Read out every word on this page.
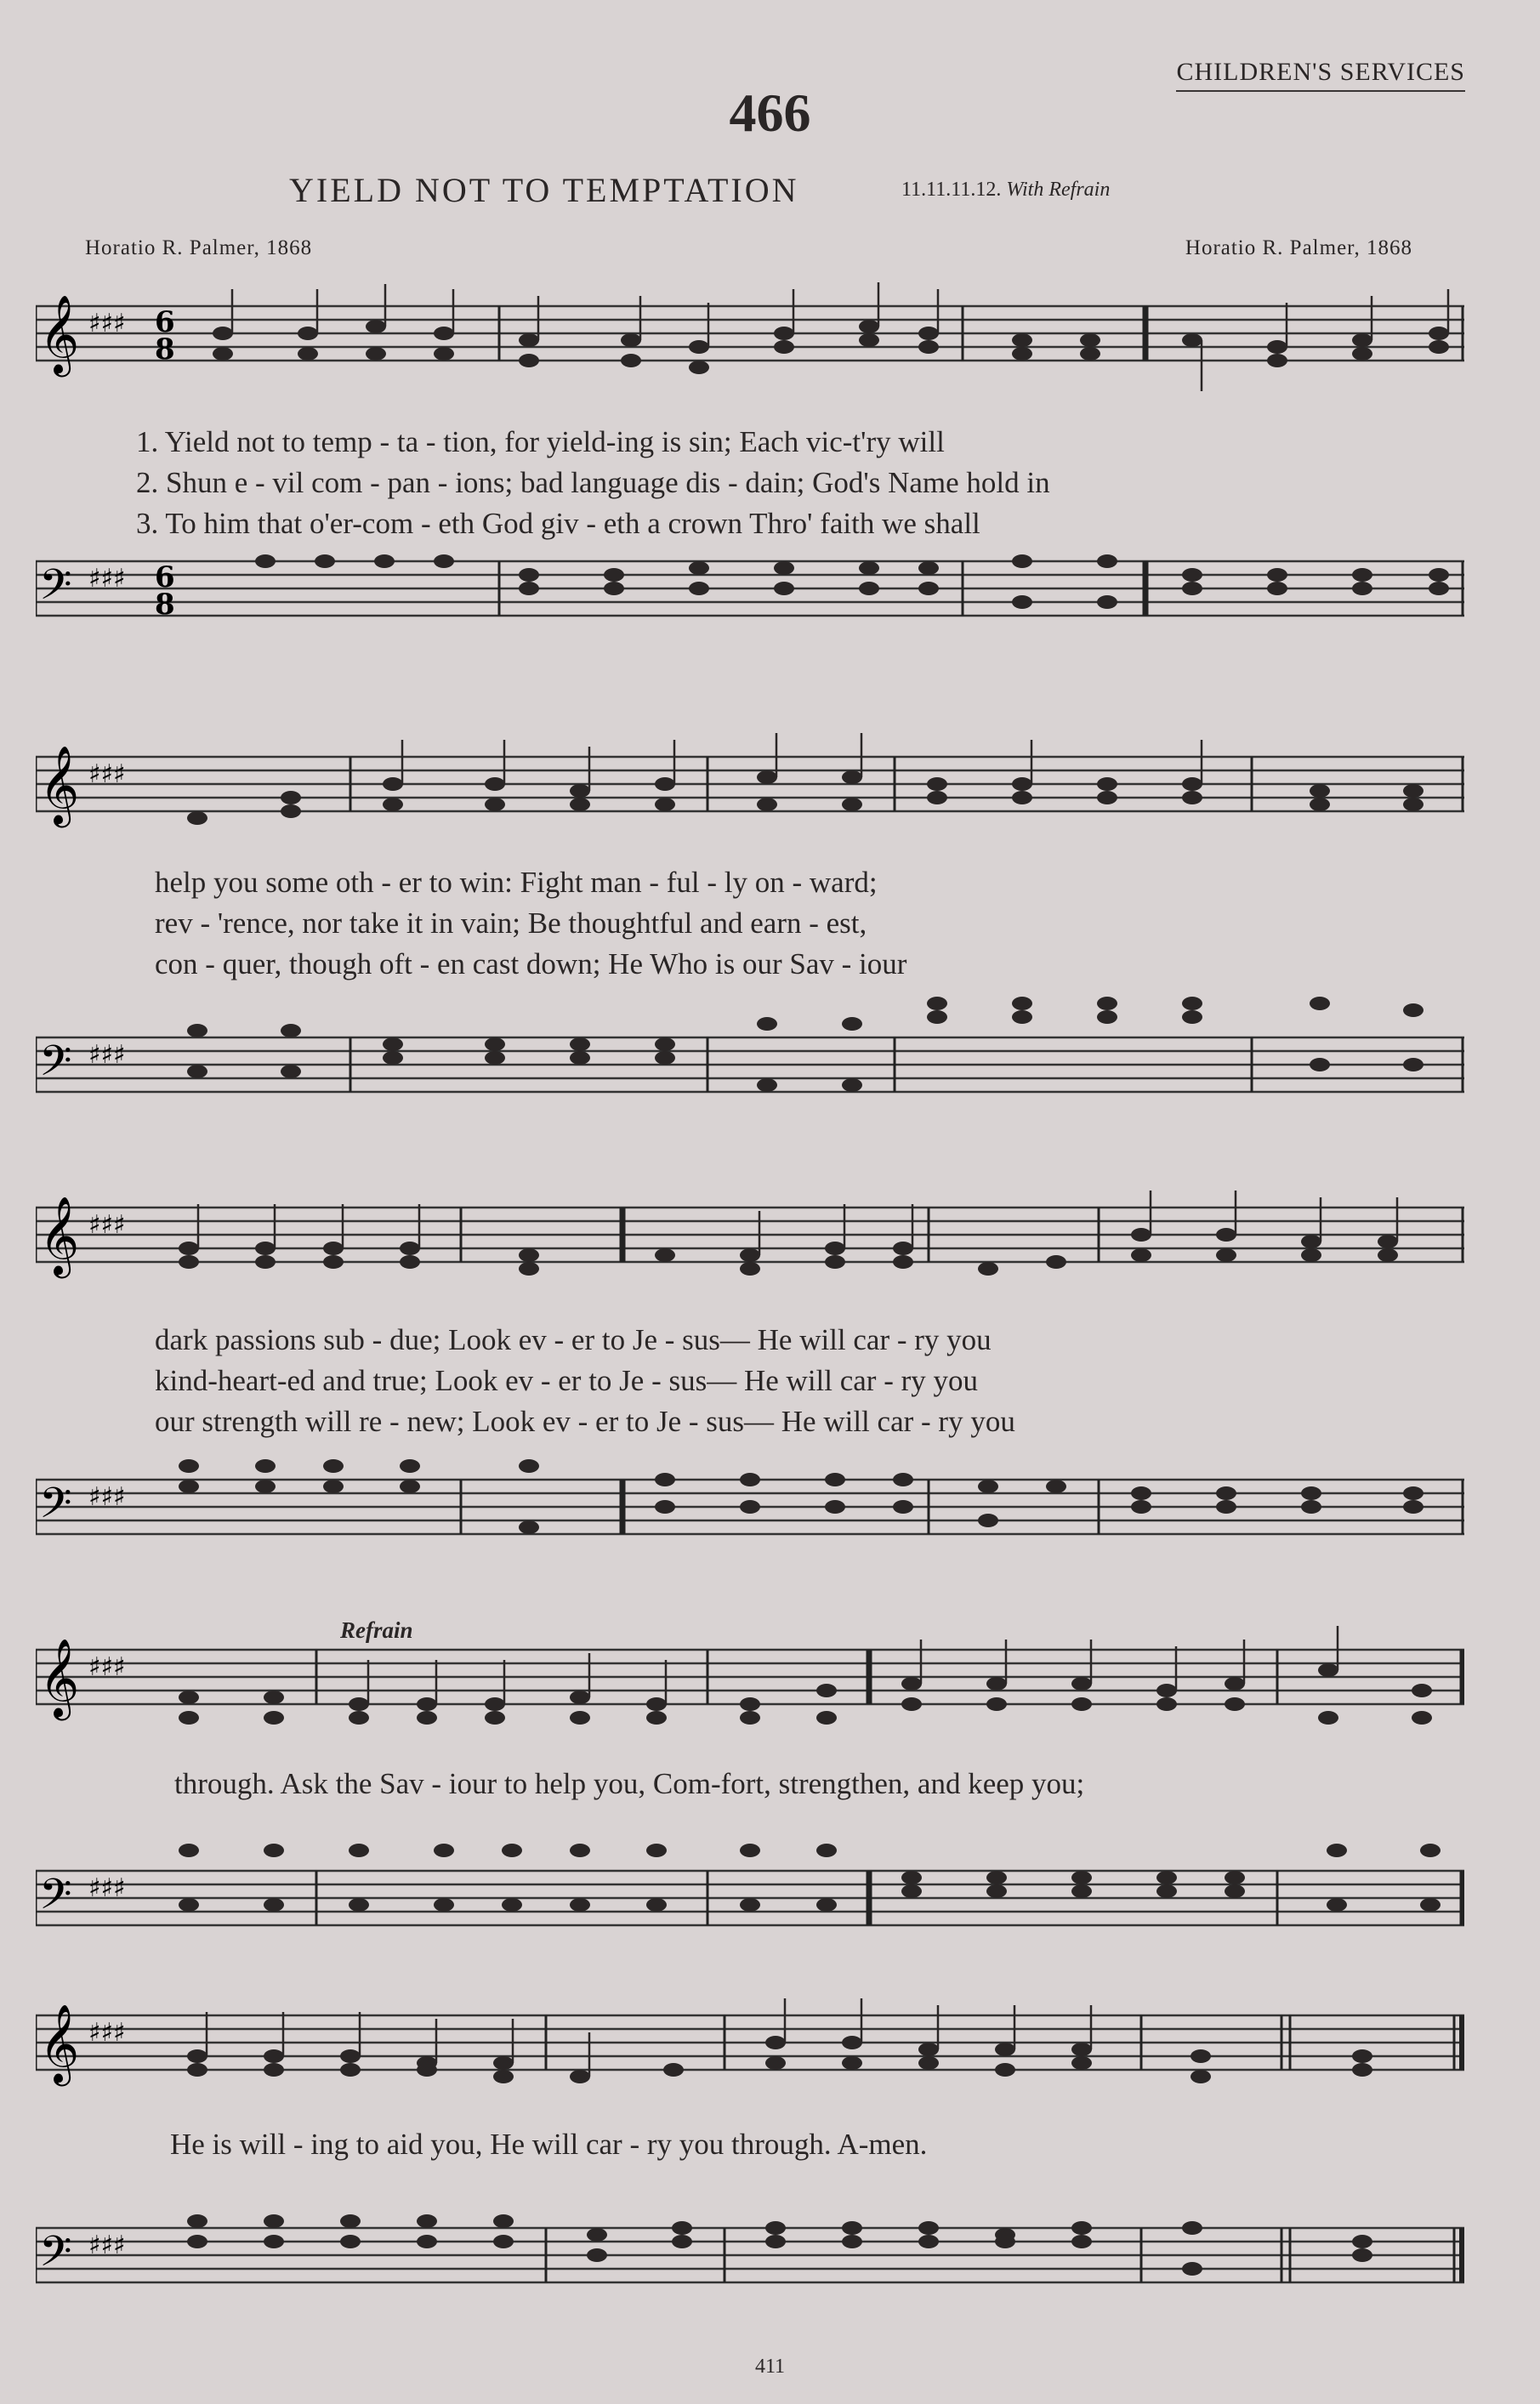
CHILDREN'S SERVICES
466
YIELD NOT TO TEMPTATION	11.11.11.12. With Refrain
Horatio R. Palmer, 1868	Horatio R. Palmer, 1868
𝄞
𝄢
♯♯♯
♯♯♯
6
8
6
8
1. Yield not to temp - ta - tion, for yield-ing is sin; Each vic-t'ry will
2. Shun e - vil com - pan - ions; bad language dis - dain; God's Name hold in
3. To him that o'er-com - eth God giv - eth a crown Thro' faith we shall
𝄞
𝄢
♯♯♯
♯♯♯
help you some oth - er to win: Fight man - ful - ly on - ward;
rev - 'rence, nor take it in vain; Be thoughtful and earn - est,
con - quer, though oft - en cast down; He Who is our Sav - iour
𝄞
𝄢
♯♯♯
♯♯♯
dark passions sub - due; Look ev - er to Je - sus— He will car - ry you
kind-heart-ed and true; Look ev - er to Je - sus— He will car - ry you
our strength will re - new; Look ev - er to Je - sus— He will car - ry you
Refrain
𝄞
𝄢
♯♯♯
♯♯♯
through. Ask the Sav - iour to help you, Com-fort, strengthen, and keep you;
𝄞
𝄢
♯♯♯
♯♯♯
He is will - ing to aid you, He will car - ry you through. A-men.
411
